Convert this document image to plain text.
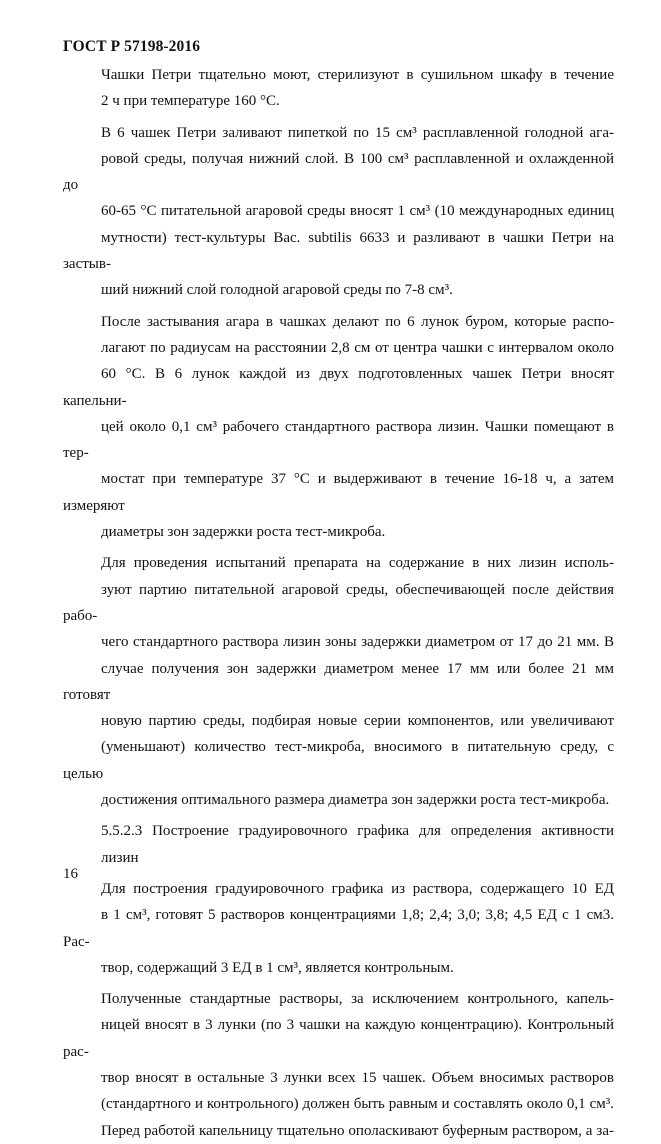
ГОСТ Р 57198-2016
Чашки Петри тщательно моют, стерилизуют в сушильном шкафу в течение
2 ч при температуре 160 °С.
В 6 чашек Петри заливают пипеткой по 15 см³ расплавленной голодной ага-
ровой среды, получая нижний слой. В 100 см³ расплавленной и охлажденной до
60-65 °С питательной агаровой среды вносят 1 см³ (10 международных единиц
мутности) тест-культуры Bac. subtilis 6633 и разливают в чашки Петри на застыв-
ший нижний слой голодной агаровой среды по 7-8 см³.
После застывания агара в чашках делают по 6 лунок буром, которые распо-
лагают по радиусам на расстоянии 2,8 см от центра чашки с интервалом около
60 °С. В 6 лунок каждой из двух подготовленных чашек Петри вносят капельни-
цей около 0,1 см³ рабочего стандартного раствора лизин. Чашки помещают в тер-
мостат при температуре 37 °С и выдерживают в течение 16-18 ч, а затем измеряют
диаметры зон задержки роста тест-микроба.
Для проведения испытаний препарата на содержание в них лизин исполь-
зуют партию питательной агаровой среды, обеспечивающей после действия рабо-
чего стандартного раствора лизин зоны задержки диаметром от 17 до 21 мм. В
случае получения зон задержки диаметром менее 17 мм или более 21 мм готовят
новую партию среды, подбирая новые серии компонентов, или увеличивают
(уменьшают) количество тест-микроба, вносимого в питательную среду, с целью
достижения оптимального размера диаметра зон задержки роста тест-микроба.
5.5.2.3 Построение градуировочного графика для определения активности
лизин
Для построения градуировочного графика из раствора, содержащего 10 ЕД
в 1 см³, готовят 5 растворов концентрациями 1,8; 2,4; 3,0; 3,8; 4,5 ЕД с 1 см3. Рас-
твор, содержащий 3 ЕД в 1 см³, является контрольным.
Полученные стандартные растворы, за исключением контрольного, капель-
ницей вносят в 3 лунки (по 3 чашки на каждую концентрацию). Контрольный рас-
твор вносят в остальные 3 лунки всех 15 чашек. Объем вносимых растворов
(стандартного и контрольного) должен быть равным и составлять около 0,1 см³.
Перед работой капельницу тщательно ополаскивают буферным раствором, а за-
16
